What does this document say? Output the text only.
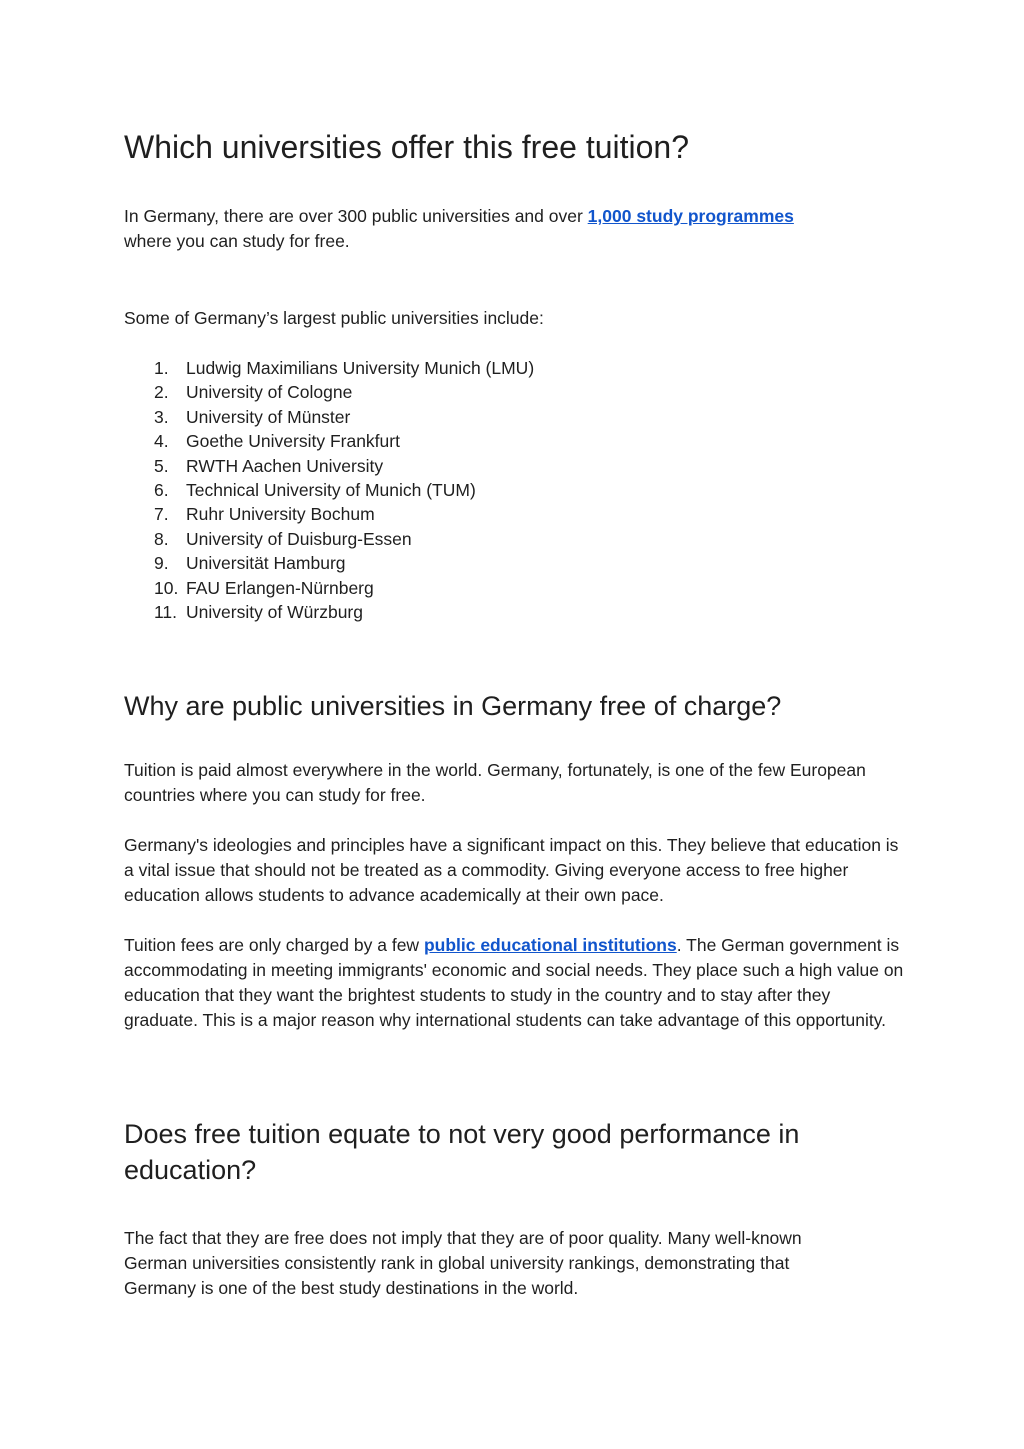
Which universities offer this free tuition?

In Germany, there are over 300 public universities and over 1,000 study programmes
where you can study for free.

Some of Germany’s largest public universities include:

1. Ludwig Maximilians University Munich (LMU)
2. University of Cologne
3. University of Münster
4. Goethe University Frankfurt
5. RWTH Aachen University
6. Technical University of Munich (TUM)
7. Ruhr University Bochum
8. University of Duisburg-Essen
9. Universität Hamburg
10. FAU Erlangen-Nürnberg
11. University of Würzburg
Why are public universities in Germany free of charge?

Tuition is paid almost everywhere in the world. Germany, fortunately, is one of the few European countries where you can study for free.

Germany's ideologies and principles have a significant impact on this. They believe that education is a vital issue that should not be treated as a commodity. Giving everyone access to free higher education allows students to advance academically at their own pace.

Tuition fees are only charged by a few public educational institutions. The German government is accommodating in meeting immigrants' economic and social needs. They place such a high value on education that they want the brightest students to study in the country and to stay after they graduate. This is a major reason why international students can take advantage of this opportunity.

Does free tuition equate to not very good performance in education?

The fact that they are free does not imply that they are of poor quality. Many well-known German universities consistently rank in global university rankings, demonstrating that Germany is one of the best study destinations in the world.
